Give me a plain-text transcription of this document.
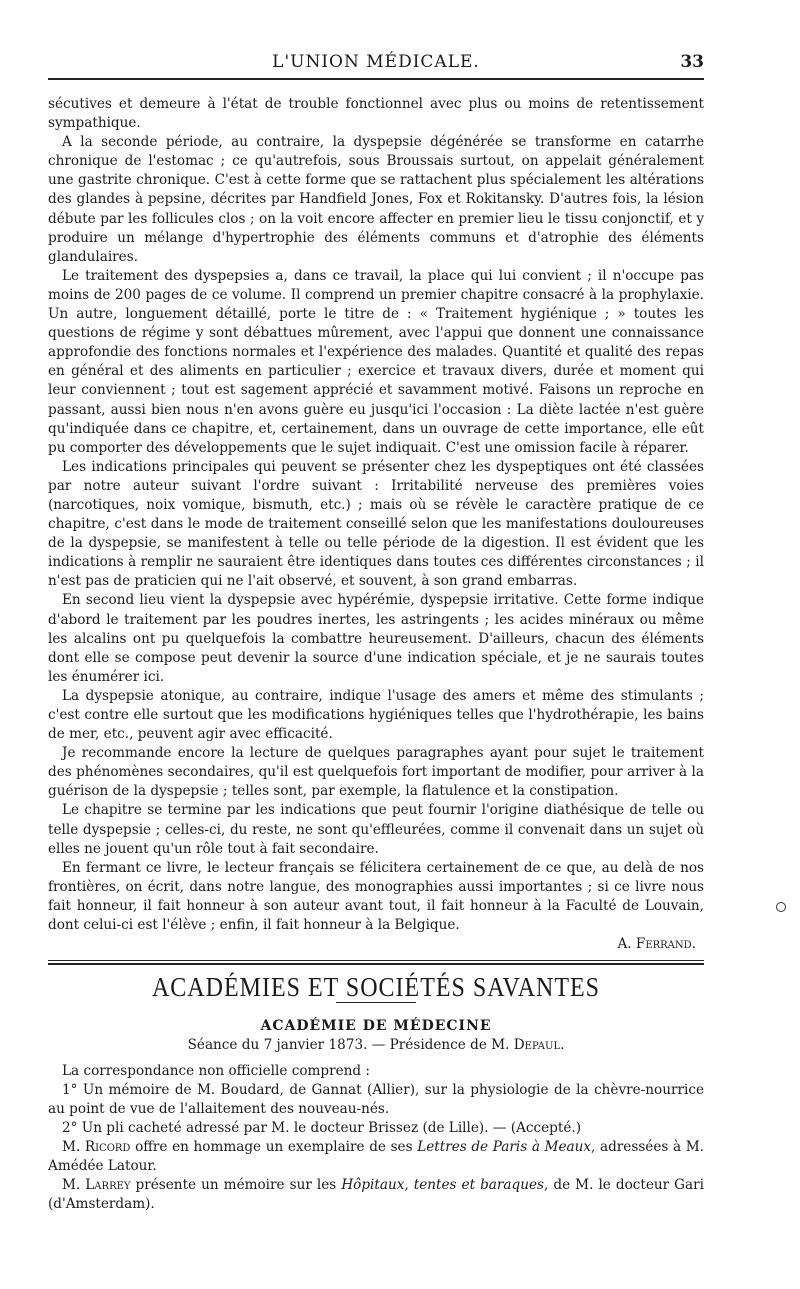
L'UNION MÉDICALE.	33

sécutives et demeure à l'état de trouble fonctionnel avec plus ou moins de retentissement sympathique.

A la seconde période, au contraire, la dyspepsie dégénérée se transforme en catarrhe chronique de l'estomac ; ce qu'autrefois, sous Broussais surtout, on appelait généralement une gastrite chronique. C'est à cette forme que se rattachent plus spécialement les altérations des glandes à pepsine, décrites par Handfield Jones, Fox et Rokitansky. D'autres fois, la lésion débute par les follicules clos ; on la voit encore affecter en premier lieu le tissu conjonctif, et y produire un mélange d'hypertrophie des éléments communs et d'atrophie des éléments glandulaires.

Le traitement des dyspepsies a, dans ce travail, la place qui lui convient ; il n'occupe pas moins de 200 pages de ce volume. Il comprend un premier chapitre consacré à la prophylaxie. Un autre, longuement détaillé, porte le titre de : « Traitement hygiénique ; » toutes les questions de régime y sont débattues mûrement, avec l'appui que donnent une connaissance approfondie des fonctions normales et l'expérience des malades. Quantité et qualité des repas en général et des aliments en particulier ; exercice et travaux divers, durée et moment qui leur conviennent ; tout est sagement apprécié et savamment motivé. Faisons un reproche en passant, aussi bien nous n'en avons guère eu jusqu'ici l'occasion : La diète lactée n'est guère qu'indiquée dans ce chapitre, et, certainement, dans un ouvrage de cette importance, elle eût pu comporter des développements que le sujet indiquait. C'est une omission facile à réparer.

Les indications principales qui peuvent se présenter chez les dyspeptiques ont été classées par notre auteur suivant l'ordre suivant : Irritabilité nerveuse des premières voies (narcotiques, noix vomique, bismuth, etc.) ; mais où se révèle le caractère pratique de ce chapitre, c'est dans le mode de traitement conseillé selon que les manifestations douloureuses de la dyspepsie, se manifestent à telle ou telle période de la digestion. Il est évident que les indications à remplir ne sauraient être identiques dans toutes ces différentes circonstances ; il n'est pas de praticien qui ne l'ait observé, et souvent, à son grand embarras.

En second lieu vient la dyspepsie avec hypérémie, dyspepsie irritative. Cette forme indique d'abord le traitement par les poudres inertes, les astringents ; les acides minéraux ou même les alcalins ont pu quelquefois la combattre heureusement. D'ailleurs, chacun des éléments dont elle se compose peut devenir la source d'une indication spéciale, et je ne saurais toutes les énumérer ici.

La dyspepsie atonique, au contraire, indique l'usage des amers et même des stimulants ; c'est contre elle surtout que les modifications hygiéniques telles que l'hydrothérapie, les bains de mer, etc., peuvent agir avec efficacité.

Je recommande encore la lecture de quelques paragraphes ayant pour sujet le traitement des phénomènes secondaires, qu'il est quelquefois fort important de modifier, pour arriver à la guérison de la dyspepsie ; telles sont, par exemple, la flatulence et la constipation.

Le chapitre se termine par les indications que peut fournir l'origine diathésique de telle ou telle dyspepsie ; celles-ci, du reste, ne sont qu'effleurées, comme il convenait dans un sujet où elles ne jouent qu'un rôle tout à fait secondaire.

En fermant ce livre, le lecteur français se félicitera certainement de ce que, au delà de nos frontières, on écrit, dans notre langue, des monographies aussi importantes ; si ce livre nous fait honneur, il fait honneur à son auteur avant tout, il fait honneur à la Faculté de Louvain, dont celui-ci est l'élève ; enfin, il fait honneur à la Belgique.

A. Ferrand.
ACADÉMIES ET SOCIÉTÉS SAVANTES
ACADÉMIE DE MÉDECINE
Séance du 7 janvier 1873. — Présidence de M. Depaul.

La correspondance non officielle comprend :

1° Un mémoire de M. Boudard, de Gannat (Allier), sur la physiologie de la chèvre-nourrice au point de vue de l'allaitement des nouveau-nés.

2° Un pli cacheté adressé par M. le docteur Brissez (de Lille). — (Accepté.)

M. Ricord offre en hommage un exemplaire de ses Lettres de Paris à Meaux, adressées à M. Amédée Latour.

M. Larrey présente un mémoire sur les Hôpitaux, tentes et baraques, de M. le docteur Gari (d'Amsterdam).
